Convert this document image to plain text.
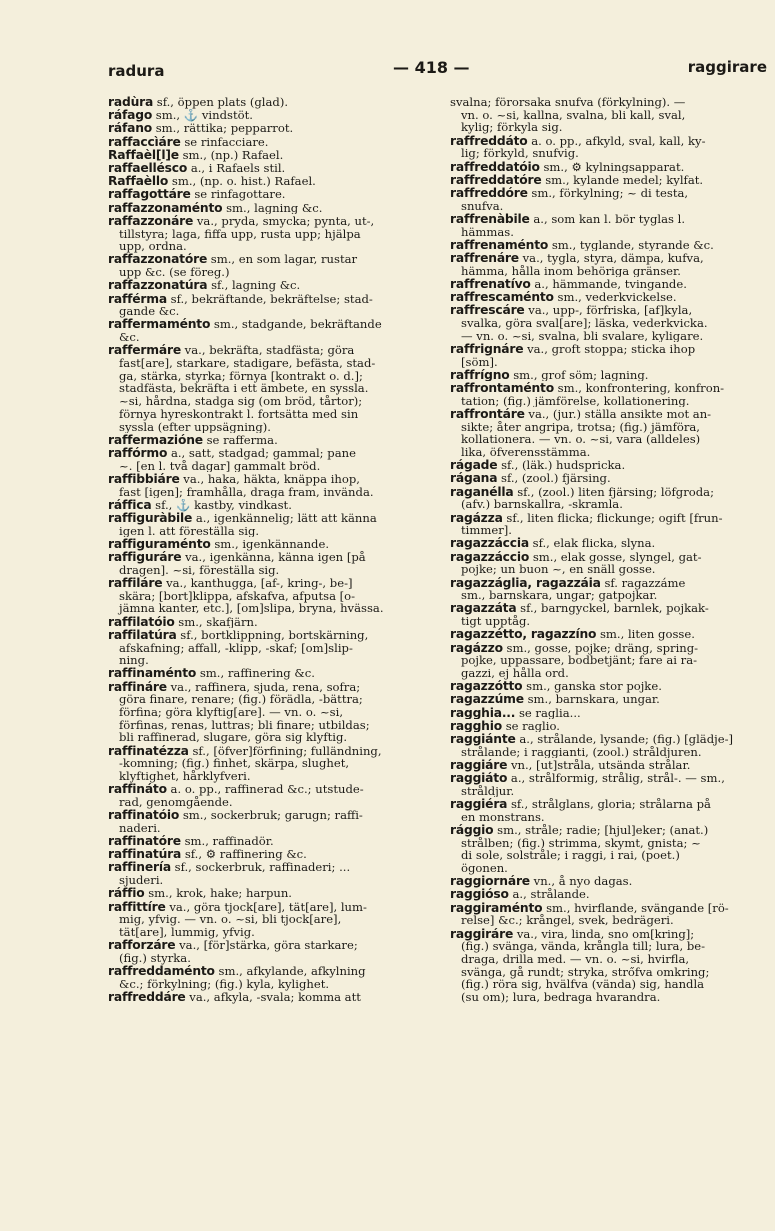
radura	— 418 —	raggirare
radùra sf., öppen plats (glad).
ráfago sm., ⚓ vindstöt.
ráfano sm., rättika; pepparrot.
raffaccìáre se rinfacciare.
Raffaèl[l]e sm., (np.) Rafael.
raffaellésco a., i Rafaels stil.
Raffaèllo sm., (np. o. hist.) Rafael.
raffagottáre se rinfagottare.
raffazzonaménto sm., lagning &c.
raffazzonáre va., pryda, smycka; pynta, ut-,
tillstyra; laga, fiffa upp, rusta upp; hjälpa
upp, ordna.
raffazzonatóre sm., en som lagar, rustar
upp &c. (se föreg.)
raffazzonatúra sf., lagning &c.
rafférma sf., bekräftande, bekräftelse; stad-
gande &c.
raffermaménto sm., stadgande, bekräftande
&c.
raffermáre va., bekräfta, stadfästa; göra
fast[are], starkare, stadigare, befästa, stad-
ga, stärka, styrka; förnya [kontrakt o. d.];
stadfästa, bekräfta i ett ämbete, en syssla.
~si, hårdna, stadga sig (om bröd, tårtor);
förnya hyreskontrakt l. fortsätta med sin
syssla (efter uppsägning).
raffermazióne se rafferma.
raffórmo a., satt, stadgad; gammal; pane
~. [en l. två dagar] gammalt bröd.
raffibbiáre va., haka, häkta, knäppa ihop,
fast [igen]; framhålla, draga fram, invända.
ráffica sf., ⚓ kastby, vindkast.
raffiguràbile a., igenkännelig; lätt att känna
igen l. att föreställa sig.
raffiguraménto sm., igenkännande.
raffiguráre va., igenkänna, känna igen [på
dragen]. ~si, föreställa sig.
raffiláre va., kanthugga, [af-, kring-, be-]
skära; [bort]klippa, afskafva, afputsa [o-
jämna kanter, etc.], [om]slipa, bryna, hvässa.
raffilatóio sm., skafjärn.
raffilatúra sf., bortklippning, bortskärning,
afskafning; affall, -klipp, -skaf; [om]slip-
ning.
raffinaménto sm., raffinering &c.
raffináre va., raffinera, sjuda, rena, sofra;
göra finare, renare; (fig.) förädla, -bättra;
förfina; göra klyftig[are]. — vn. o. ~si,
förfinas, renas, luttras; bli finare; utbildas;
bli raffinerad, slugare, göra sig klyftig.
raffinatézza sf., [öfver]förfining; fulländning,
-komning; (fig.) finhet, skärpa, slughet,
klyftighet, hårklyfveri.
raffináto a. o. pp., raffinerad &c.; utstude-
rad, genomgående.
raffinatóio sm., sockerbruk; garugn; raffi-
naderi.
raffinatóre sm., raffinadör.
raffinatúra sf., ⚙ raffinering &c.
raffinería sf., sockerbruk, raffinaderi; ...
sjuderi.
ráffio sm., krok, hake; harpun.
raffittíre va., göra tjock[are], tät[are], lum-
mig, yfvig. — vn. o. ~si, bli tjock[are],
tät[are], lummig, yfvig.
rafforzáre va., [för]stärka, göra starkare;
(fig.) styrka.
raffreddaménto sm., afkylande, afkylning
&c.; förkylning; (fig.) kyla, kylighet.
raffreddáre va., afkyla, -svala; komma att
svalna; förorsaka snufva (förkylning). —
vn. o. ~si, kallna, svalna, bli kall, sval,
kylig; förkyla sig.
raffreddáto a. o. pp., afkyld, sval, kall, ky-
lig; förkyld, snufvig.
raffreddatóio sm., ⚙ kylningsapparat.
raffreddatóre sm., kylande medel; kylfat.
raffreddóre sm., förkylning; ~ di testa,
snufva.
raffrenàbile a., som kan l. bör tyglas l.
hämmas.
raffrenaménto sm., tyglande, styrande &c.
raffrenáre va., tygla, styra, dämpa, kufva,
hämma, hålla inom behöriga gränser.
raffrenatívo a., hämmande, tvingande.
raffrescaménto sm., vederkvickelse.
raffrescáre va., upp-, förfriska, [af]kyla,
svalka, göra sval[are]; läska, vederkvicka.
— vn. o. ~si, svalna, bli svalare, kyligare.
raffrignáre va., groft stoppa; sticka ihop
[söm].
raffrígno sm., grof söm; lagning.
raffrontaménto sm., konfrontering, konfron-
tation; (fig.) jämförelse, kollationering.
raffrontáre va., (jur.) ställa ansikte mot an-
sikte; åter angripa, trotsa; (fig.) jämföra,
kollationera. — vn. o. ~si, vara (alldeles)
lika, öfverensstämma.
rágade sf., (läk.) hudspricka.
rágana sf., (zool.) fjärsing.
raganélla sf., (zool.) liten fjärsing; löfgroda;
(afv.) barnskallra, -skramla.
ragázza sf., liten flicka; flickunge; ogift [frun-
timmer].
ragazzáccia sf., elak flicka, slyna.
ragazzáccio sm., elak gosse, slyngel, gat-
pojke; un buon ~, en snäll gosse.
ragazzáglia, ragazzáia sf. ragazzáme
sm., barnskara, ungar; gatpojkar.
ragazzáta sf., barngyckel, barnlek, pojkak-
tigt upptåg.
ragazzétto, ragazzíno sm., liten gosse.
ragázzo sm., gosse, pojke; dräng, spring-
pojke, uppassare, bodbetjänt; fare ai ra-
gazzi, ej hålla ord.
ragazzótto sm., ganska stor pojke.
ragazzúme sm., barnskara, ungar.
ragghia... se raglia...
ragghio se raglio.
raggiánte a., strålande, lysande; (fig.) [glädje-]
strålande; i raggianti, (zool.) stråldjuren.
raggiáre vn., [ut]stråla, utsända strålar.
raggiáto a., strålformig, strålig, strål-. — sm.,
stråldjur.
raggiéra sf., strålglans, gloria; strålarna på
en monstrans.
rággio sm., stråle; radie; [hjul]eker; (anat.)
strålben; (fig.) strimma, skymt, gnista; ~
di sole, solstråle; i raggi, i rai, (poet.)
ögonen.
raggiornáre vn., å nyo dagas.
raggióso a., strålande.
raggiraménto sm., hvirflande, svängande [rö-
relse] &c.; krångel, svek, bedrägeri.
raggiráre va., vira, linda, sno om[kring];
(fig.) svänga, vända, krångla till; lura, be-
draga, drilla med. — vn. o. ~si, hvirfla,
svänga, gå rundt; stryka, strőfva omkring;
(fig.) röra sig, hvälfva (vända) sig, handla
(su om); lura, bedraga hvarandra.
